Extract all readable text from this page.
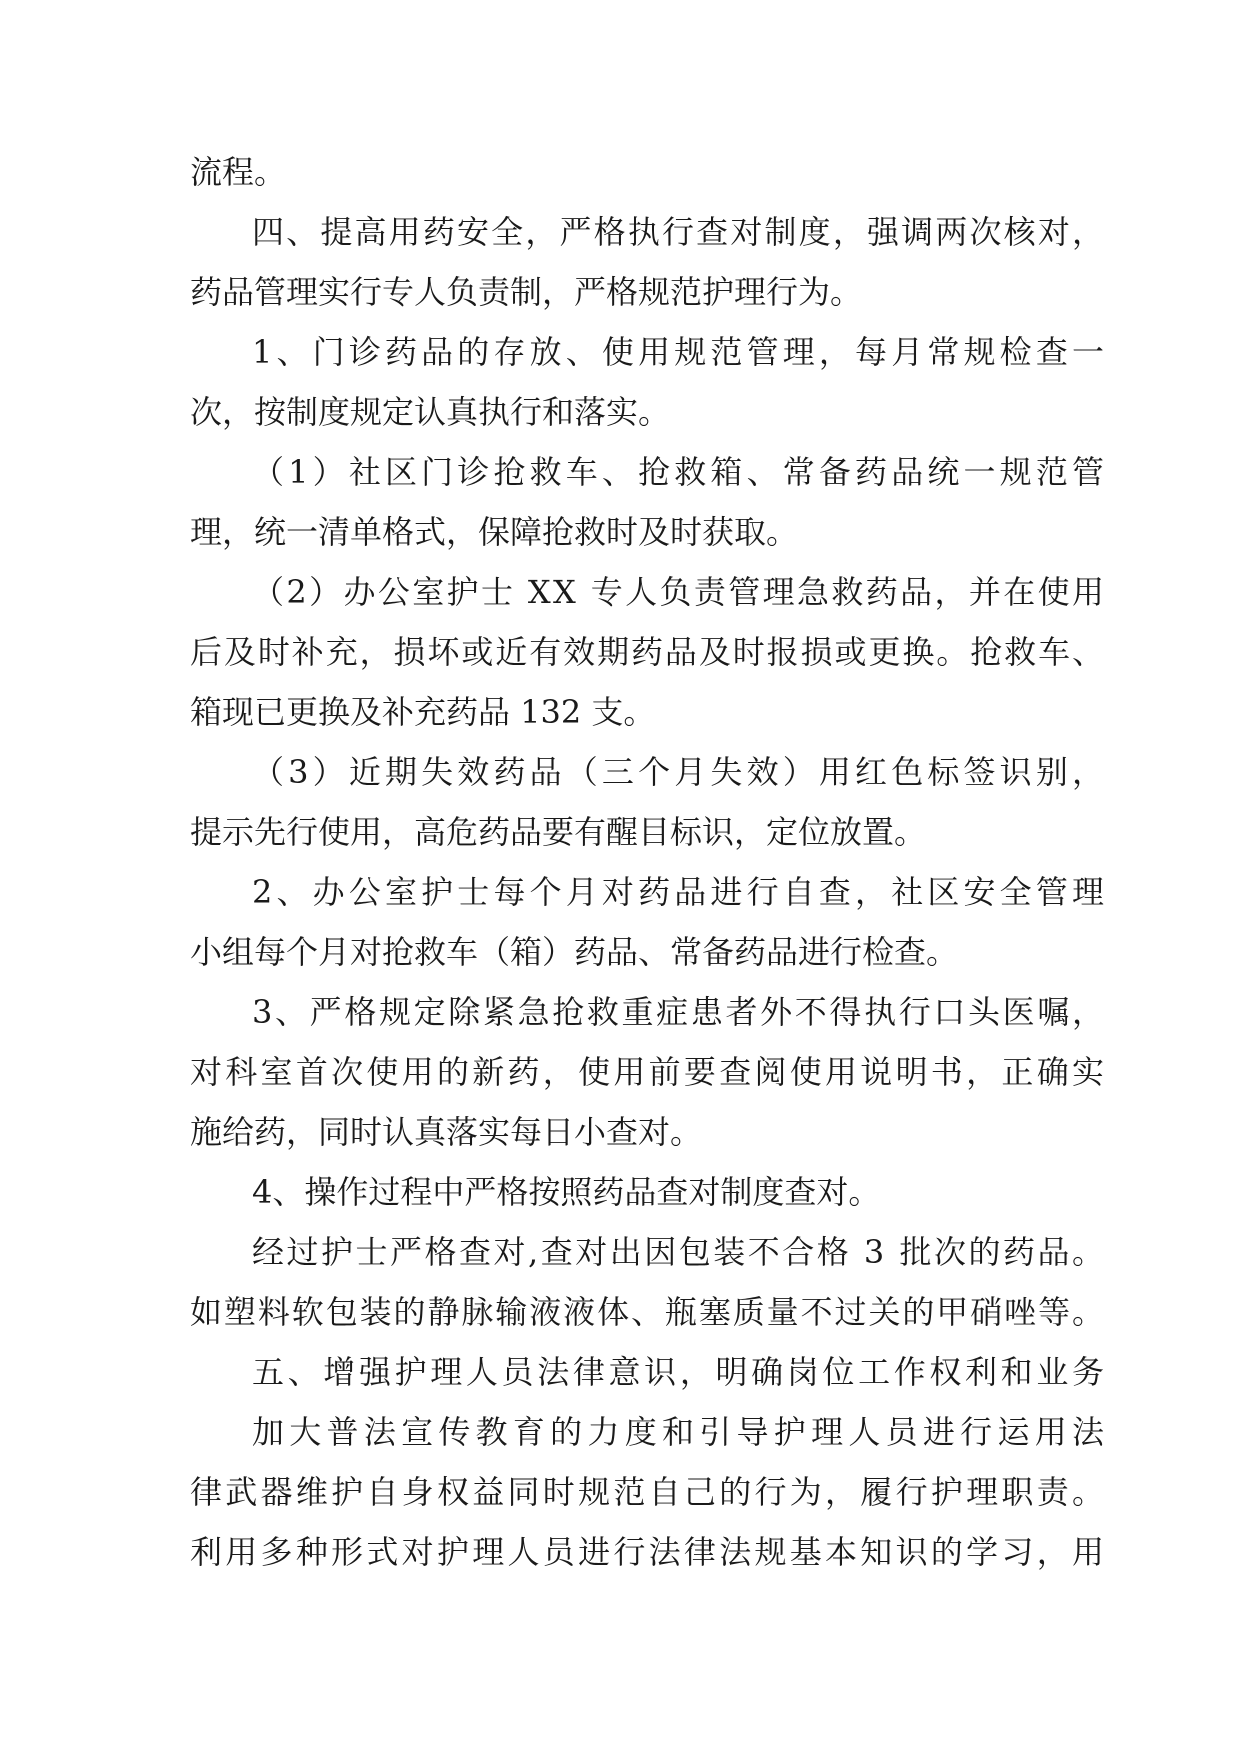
流程。

四、提高用药安全，严格执行查对制度，强调两次核对，

药品管理实行专人负责制，严格规范护理行为。

1、门诊药品的存放、使用规范管理，每月常规检查一

次，按制度规定认真执行和落实。

（1）社区门诊抢救车、抢救箱、常备药品统一规范管

理，统一清单格式，保障抢救时及时获取。

（2）办公室护士 XX 专人负责管理急救药品，并在使用

后及时补充，损坏或近有效期药品及时报损或更换。抢救车、

箱现已更换及补充药品 132 支。

（3）近期失效药品（三个月失效）用红色标签识别，

提示先行使用，高危药品要有醒目标识，定位放置。

2、办公室护士每个月对药品进行自查，社区安全管理

小组每个月对抢救车（箱）药品、常备药品进行检查。

3、严格规定除紧急抢救重症患者外不得执行口头医嘱，

对科室首次使用的新药，使用前要查阅使用说明书，正确实

施给药，同时认真落实每日小查对。

4、操作过程中严格按照药品查对制度查对。

经过护士严格查对,查对出因包装不合格 3 批次的药品。

如塑料软包装的静脉输液液体、瓶塞质量不过关的甲硝唑等。

五、增强护理人员法律意识，明确岗位工作权利和业务

加大普法宣传教育的力度和引导护理人员进行运用法

律武器维护自身权益同时规范自己的行为，履行护理职责。

利用多种形式对护理人员进行法律法规基本知识的学习，用
